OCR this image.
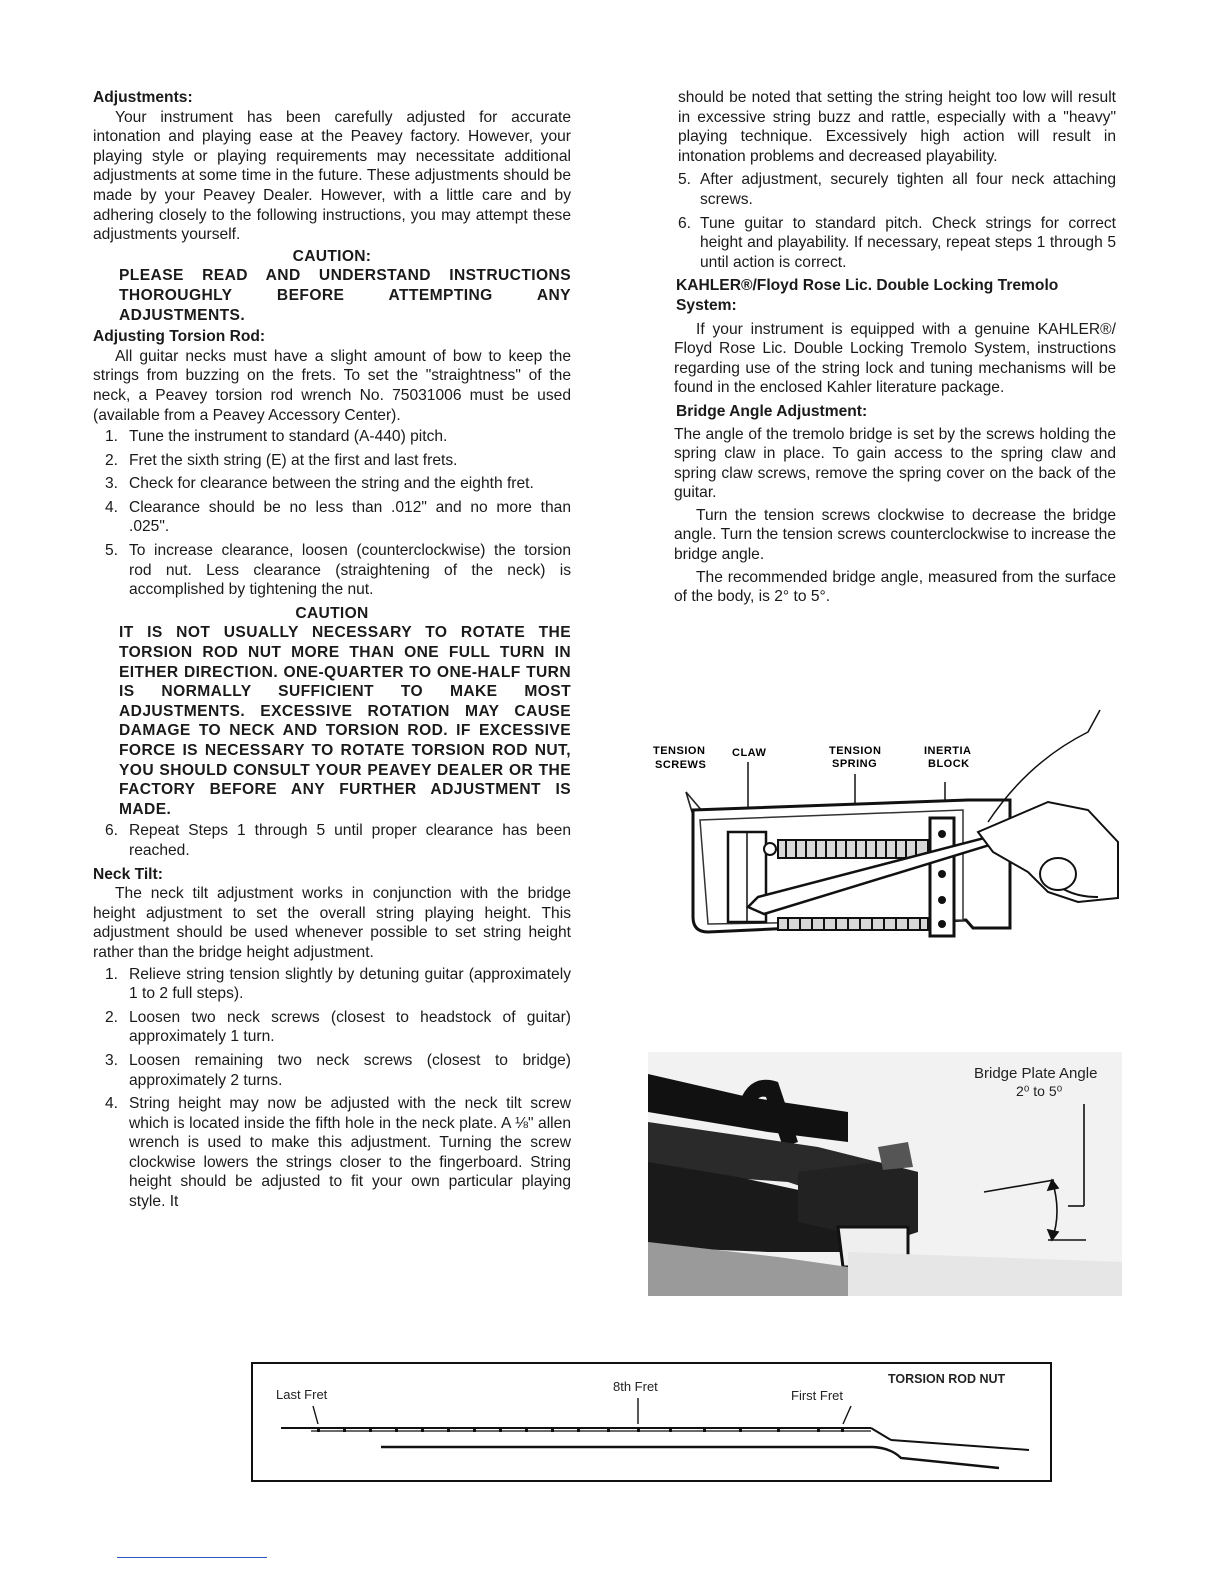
Adjustments:

Your instrument has been carefully adjusted for accurate intonation and playing ease at the Peavey factory. However, your playing style or playing requirements may necessitate additional adjustments at some time in the future. These adjustments should be made by your Peavey Dealer. However, with a little care and by adhering closely to the following instructions, you may attempt these adjustments yourself.

CAUTION:
PLEASE READ AND UNDERSTAND INSTRUCTIONS THOROUGHLY BEFORE ATTEMPTING ANY ADJUSTMENTS.
Adjusting Torsion Rod:

All guitar necks must have a slight amount of bow to keep the strings from buzzing on the frets. To set the "straightness" of the neck, a Peavey torsion rod wrench No. 75031006 must be used (available from a Peavey Accessory Center).

1. Tune the instrument to standard (A-440) pitch.
2. Fret the sixth string (E) at the first and last frets.
3. Check for clearance between the string and the eighth fret.
4. Clearance should be no less than .012" and no more than .025".
5. To increase clearance, loosen (counterclockwise) the torsion rod nut. Less clearance (straightening of the neck) is accomplished by tightening the nut.
CAUTION
IT IS NOT USUALLY NECESSARY TO ROTATE THE TORSION ROD NUT MORE THAN ONE FULL TURN IN EITHER DIRECTION. ONE-QUARTER TO ONE-HALF TURN IS NORMALLY SUFFICIENT TO MAKE MOST ADJUSTMENTS. EXCESSIVE ROTATION MAY CAUSE DAMAGE TO NECK AND TORSION ROD. IF EXCESSIVE FORCE IS NECESSARY TO ROTATE TORSION ROD NUT, YOU SHOULD CONSULT YOUR PEAVEY DEALER OR THE FACTORY BEFORE ANY FURTHER ADJUSTMENT IS MADE.
6. Repeat Steps 1 through 5 until proper clearance has been reached.
Neck Tilt:

The neck tilt adjustment works in conjunction with the bridge height adjustment to set the overall string playing height. This adjustment should be used whenever possible to set string height rather than the bridge height adjustment.

1. Relieve string tension slightly by detuning guitar (approximately 1 to 2 full steps).
2. Loosen two neck screws (closest to headstock of guitar) approximately 1 turn.
3. Loosen remaining two neck screws (closest to bridge) approximately 2 turns.
4. String height may now be adjusted with the neck tilt screw which is located inside the fifth hole in the neck plate. A ⅛" allen wrench is used to make this adjustment. Turning the screw clockwise lowers the strings closer to the fingerboard. String height should be adjusted to fit your own particular playing style. It

should be noted that setting the string height too low will result in excessive string buzz and rattle, especially with a "heavy" playing technique. Excessively high action will result in intonation problems and decreased playability.

5. After adjustment, securely tighten all four neck attaching screws.
6. Tune guitar to standard pitch. Check strings for correct height and playability. If necessary, repeat steps 1 through 5 until action is correct.
KAHLER®/Floyd Rose Lic. Double Locking Tremolo System:

If your instrument is equipped with a genuine KAHLER®/ Floyd Rose Lic. Double Locking Tremolo System, instructions regarding use of the string lock and tuning mechanisms will be found in the enclosed Kahler literature package.

Bridge Angle Adjustment:

The angle of the tremolo bridge is set by the screws holding the spring claw in place. To gain access to the spring claw and spring claw screws, remove the spring cover on the back of the guitar.

Turn the tension screws clockwise to decrease the bridge angle. Turn the tension screws counterclockwise to increase the bridge angle.

The recommended bridge angle, measured from the surface of the body, is 2° to 5°.

TENSION
SCREWS
CLAW	TENSION
SPRING
INERTIA
BLOCK
Bridge Plate Angle
2⁰ to 5⁰
Last Fret
8th Fret
First Fret
TORSION ROD NUT
